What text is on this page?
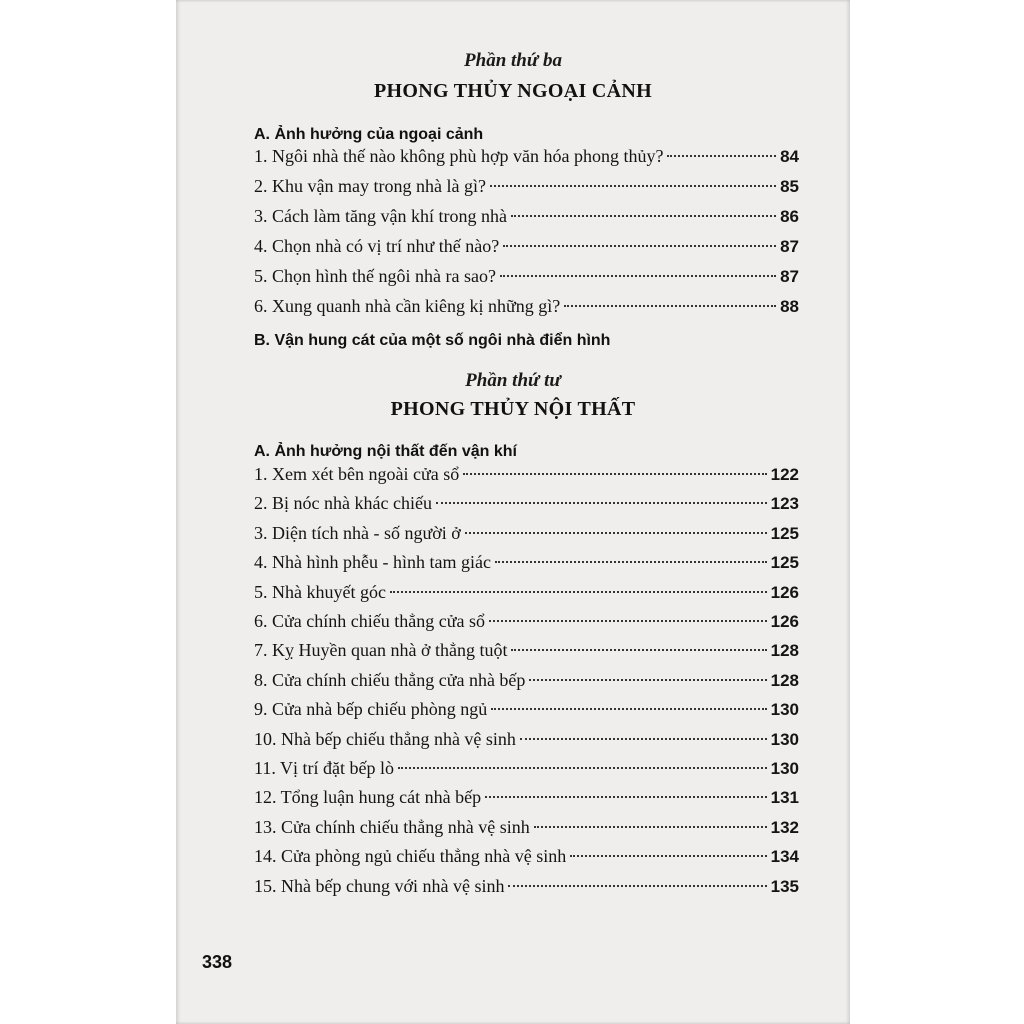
Phần thứ ba
PHONG THỦY NGOẠI CẢNH
A. Ảnh hưởng của ngoại cảnh
1. Ngôi nhà thế nào không phù hợp văn hóa phong thủy?	84
2. Khu vận may trong nhà là gì?	85
3. Cách làm tăng vận khí trong nhà	86
4. Chọn nhà có vị trí như thế nào?	87
5. Chọn hình thế ngôi nhà ra sao?	87
6. Xung quanh nhà cần kiêng kị những gì?	88
B. Vận hung cát của một số ngôi nhà điển hình
Phần thứ tư
PHONG THỦY NỘI THẤT
A. Ảnh hưởng nội thất đến vận khí
1. Xem xét bên ngoài cửa sổ	122
2. Bị nóc nhà khác chiếu	123
3. Diện tích nhà - số người ở	125
4. Nhà hình phễu - hình tam giác	125
5. Nhà khuyết góc	126
6. Cửa chính chiếu thẳng cửa sổ	126
7. Kỵ Huyền quan nhà ở thẳng tuột	128
8. Cửa chính chiếu thẳng cửa nhà bếp	128
9. Cửa nhà bếp chiếu phòng ngủ	130
10. Nhà bếp chiếu thẳng nhà vệ sinh	130
11. Vị trí đặt bếp lò	130
12. Tổng luận hung cát nhà bếp	131
13. Cửa chính chiếu thẳng nhà vệ sinh	132
14. Cửa phòng ngủ chiếu thẳng nhà vệ sinh	134
15. Nhà bếp chung với nhà vệ sinh	135
338
